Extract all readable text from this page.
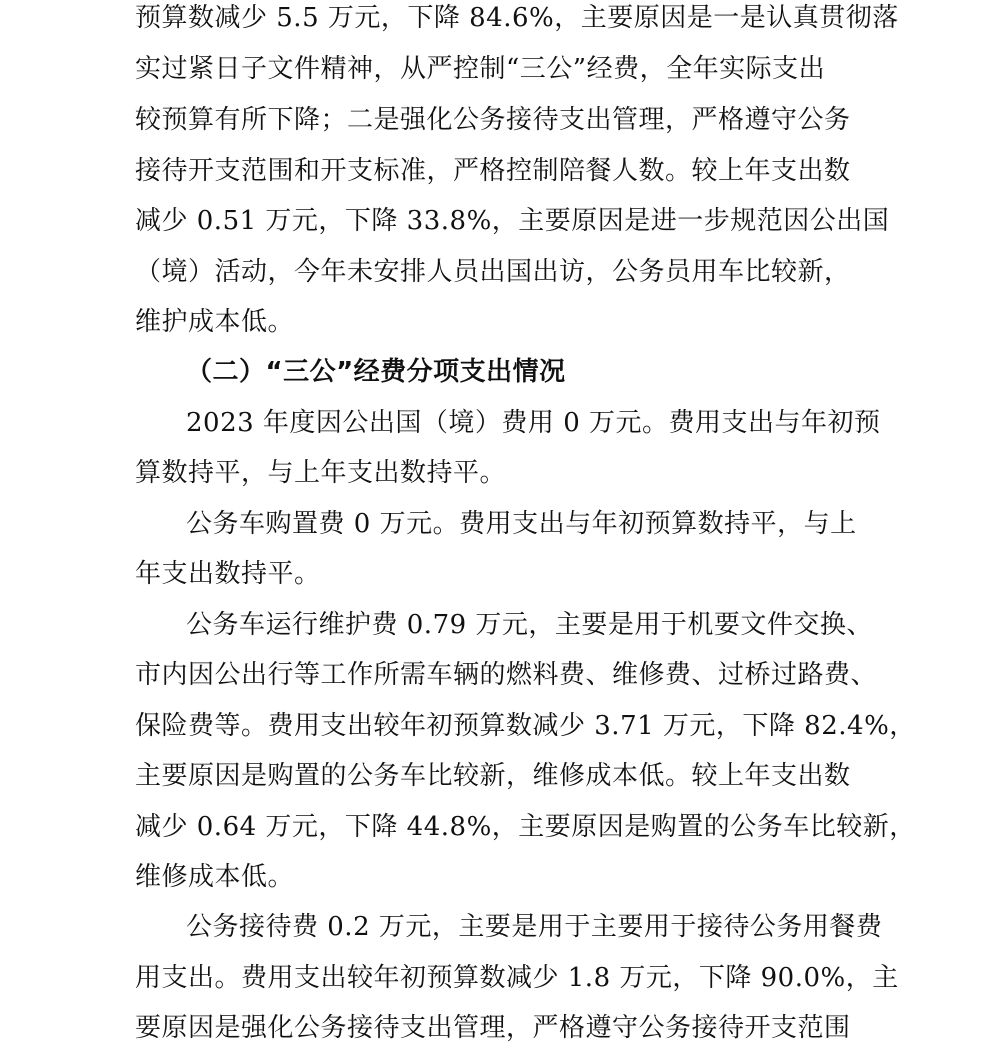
预算数减少 5.5 万元，下降 84.6%，主要原因是一是认真贯彻落
实过紧日子文件精神，从严控制“三公”经费，全年实际支出
较预算有所下降；二是强化公务接待支出管理，严格遵守公务
接待开支范围和开支标准，严格控制陪餐人数。较上年支出数
减少 0.51 万元，下降 33.8%，主要原因是进一步规范因公出国
（境）活动，今年未安排人员出国出访，公务员用车比较新，
维护成本低。
（二）“三公”经费分项支出情况
2023 年度因公出国（境）费用 0 万元。费用支出与年初预
算数持平，与上年支出数持平。
公务车购置费 0 万元。费用支出与年初预算数持平，与上
年支出数持平。
公务车运行维护费 0.79 万元，主要是用于机要文件交换、
市内因公出行等工作所需车辆的燃料费、维修费、过桥过路费、
保险费等。费用支出较年初预算数减少 3.71 万元，下降 82.4%，
主要原因是购置的公务车比较新，维修成本低。较上年支出数
减少 0.64 万元，下降 44.8%，主要原因是购置的公务车比较新，
维修成本低。
公务接待费 0.2 万元，主要是用于主要用于接待公务用餐费
用支出。费用支出较年初预算数减少 1.8 万元，下降 90.0%，主
要原因是强化公务接待支出管理，严格遵守公务接待开支范围
